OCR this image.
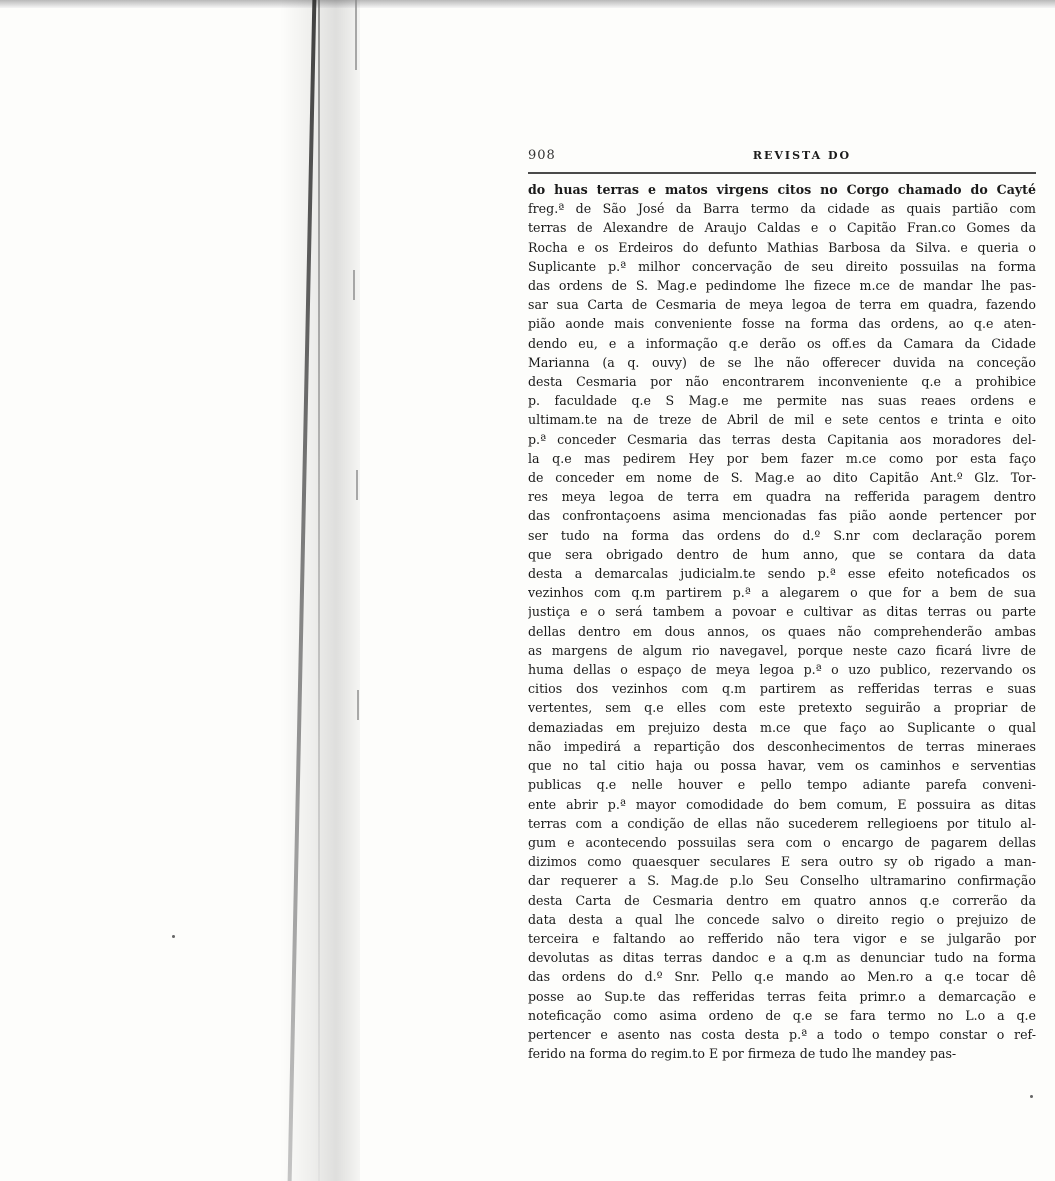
908	REVISTA DO
do huas terras e matos virgens citos no Corgo chamado do Cayté
freg.ª de São José da Barra termo da cidade as quais partião com
terras de Alexandre de Araujo Caldas e o Capitão Fran.co Gomes da
Rocha e os Erdeiros do defunto Mathias Barbosa da Silva. e queria o
Suplicante p.ª milhor concervação de seu direito possuilas na forma
das ordens de S. Mag.e pedindome lhe fizece m.ce de mandar lhe pas-
sar sua Carta de Cesmaria de meya legoa de terra em quadra, fazendo
pião aonde mais conveniente fosse na forma das ordens, ao q.e aten-
dendo eu, e a informação q.e derão os off.es da Camara da Cidade
Marianna (a q. ouvy) de se lhe não offerecer duvida na conceção
desta Cesmaria por não encontrarem inconveniente q.e a prohibice
p. faculdade q.e S Mag.e me permite nas suas reaes ordens e
ultimam.te na de treze de Abril de mil e sete centos e trinta e oito
p.ª conceder Cesmaria das terras desta Capitania aos moradores del-
la q.e mas pedirem Hey por bem fazer m.ce como por esta faço
de conceder em nome de S. Mag.e ao dito Capitão Ant.º Glz. Tor-
res meya legoa de terra em quadra na refferida paragem dentro
das confrontaçoens asima mencionadas fas pião aonde pertencer por
ser tudo na forma das ordens do d.º S.nr com declaração porem
que sera obrigado dentro de hum anno, que se contara da data
desta a demarcalas judicialm.te sendo p.ª esse efeito noteficados os
vezinhos com q.m partirem p.ª a alegarem o que for a bem de sua
justiça e o será tambem a povoar e cultivar as ditas terras ou parte
dellas dentro em dous annos, os quaes não comprehenderão ambas
as margens de algum rio navegavel, porque neste cazo ficará livre de
huma dellas o espaço de meya legoa p.ª o uzo publico, rezervando os
citios dos vezinhos com q.m partirem as refferidas terras e suas
vertentes, sem q.e elles com este pretexto seguirão a propriar de
demaziadas em prejuizo desta m.ce que faço ao Suplicante o qual
não impedirá a repartição dos desconhecimentos de terras mineraes
que no tal citio haja ou possa havar, vem os caminhos e serventias
publicas q.e nelle houver e pello tempo adiante parefa conveni-
ente abrir p.ª mayor comodidade do bem comum, E possuira as ditas
terras com a condição de ellas não sucederem rellegioens por titulo al-
gum e acontecendo possuilas sera com o encargo de pagarem dellas
dizimos como quaesquer seculares E sera outro sy ob rigado a man-
dar requerer a S. Mag.de p.lo Seu Conselho ultramarino confirmação
desta Carta de Cesmaria dentro em quatro annos q.e correrão da
data desta a qual lhe concede salvo o direito regio o prejuizo de
terceira e faltando ao refferido não tera vigor e se julgarão por
devolutas as ditas terras dandoc e a q.m as denunciar tudo na forma
das ordens do d.º Snr. Pello q.e mando ao Men.ro a q.e tocar dê
posse ao Sup.te das refferidas terras feita primr.o a demarcação e
noteficação como asima ordeno de q.e se fara termo no L.o a q.e
pertencer e asento nas costa desta p.ª a todo o tempo constar o ref-
ferido na forma do regim.to E por firmeza de tudo lhe mandey pas-
